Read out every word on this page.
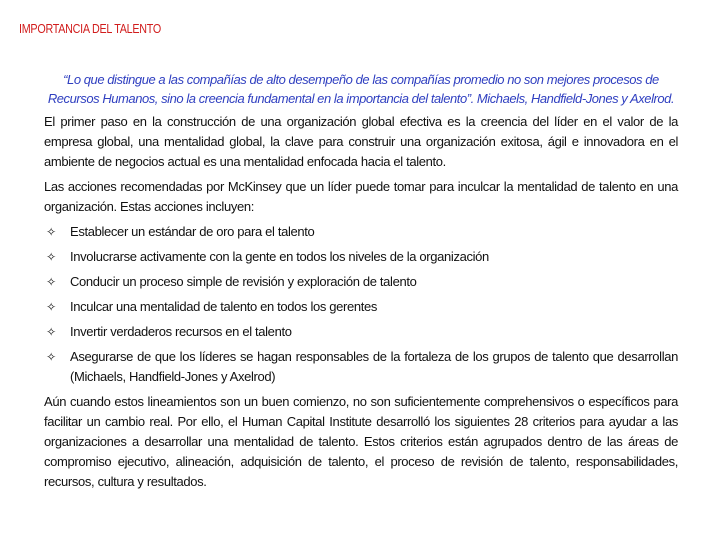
IMPORTANCIA DEL TALENTO

“Lo que distingue a las compañías de alto desempeño de las compañías promedio no son mejores procesos de Recursos Humanos, sino la creencia fundamental en la importancia del talento”. Michaels, Handfield-Jones y Axelrod.

El primer paso en la construcción de una organización global efectiva es la creencia del líder en el valor de la empresa global, una mentalidad global, la clave para construir una organización exitosa, ágil e innovadora en el ambiente de negocios actual es una mentalidad enfocada hacia el talento.

Las acciones recomendadas por McKinsey que un líder puede tomar para inculcar la mentalidad de talento en una organización. Estas acciones incluyen:

✧ Establecer un estándar de oro para el talento
✧ Involucrarse activamente con la gente en todos los niveles de la organización
✧ Conducir un proceso simple de revisión y exploración de talento
✧ Inculcar una mentalidad de talento en todos los gerentes
✧ Invertir verdaderos recursos en el talento
✧ Asegurarse de que los líderes se hagan responsables de la fortaleza de los grupos de talento que desarrollan (Michaels, Handfield-Jones y Axelrod)

Aún cuando estos lineamientos son un buen comienzo, no son suficientemente comprehensivos o específicos para facilitar un cambio real. Por ello, el Human Capital Institute desarrolló los siguientes 28 criterios para ayudar a las organizaciones a desarrollar una mentalidad de talento. Estos criterios están agrupados dentro de las áreas de compromiso ejecutivo, alineación, adquisición de talento, el proceso de revisión de talento, responsabilidades, recursos, cultura y resultados.
